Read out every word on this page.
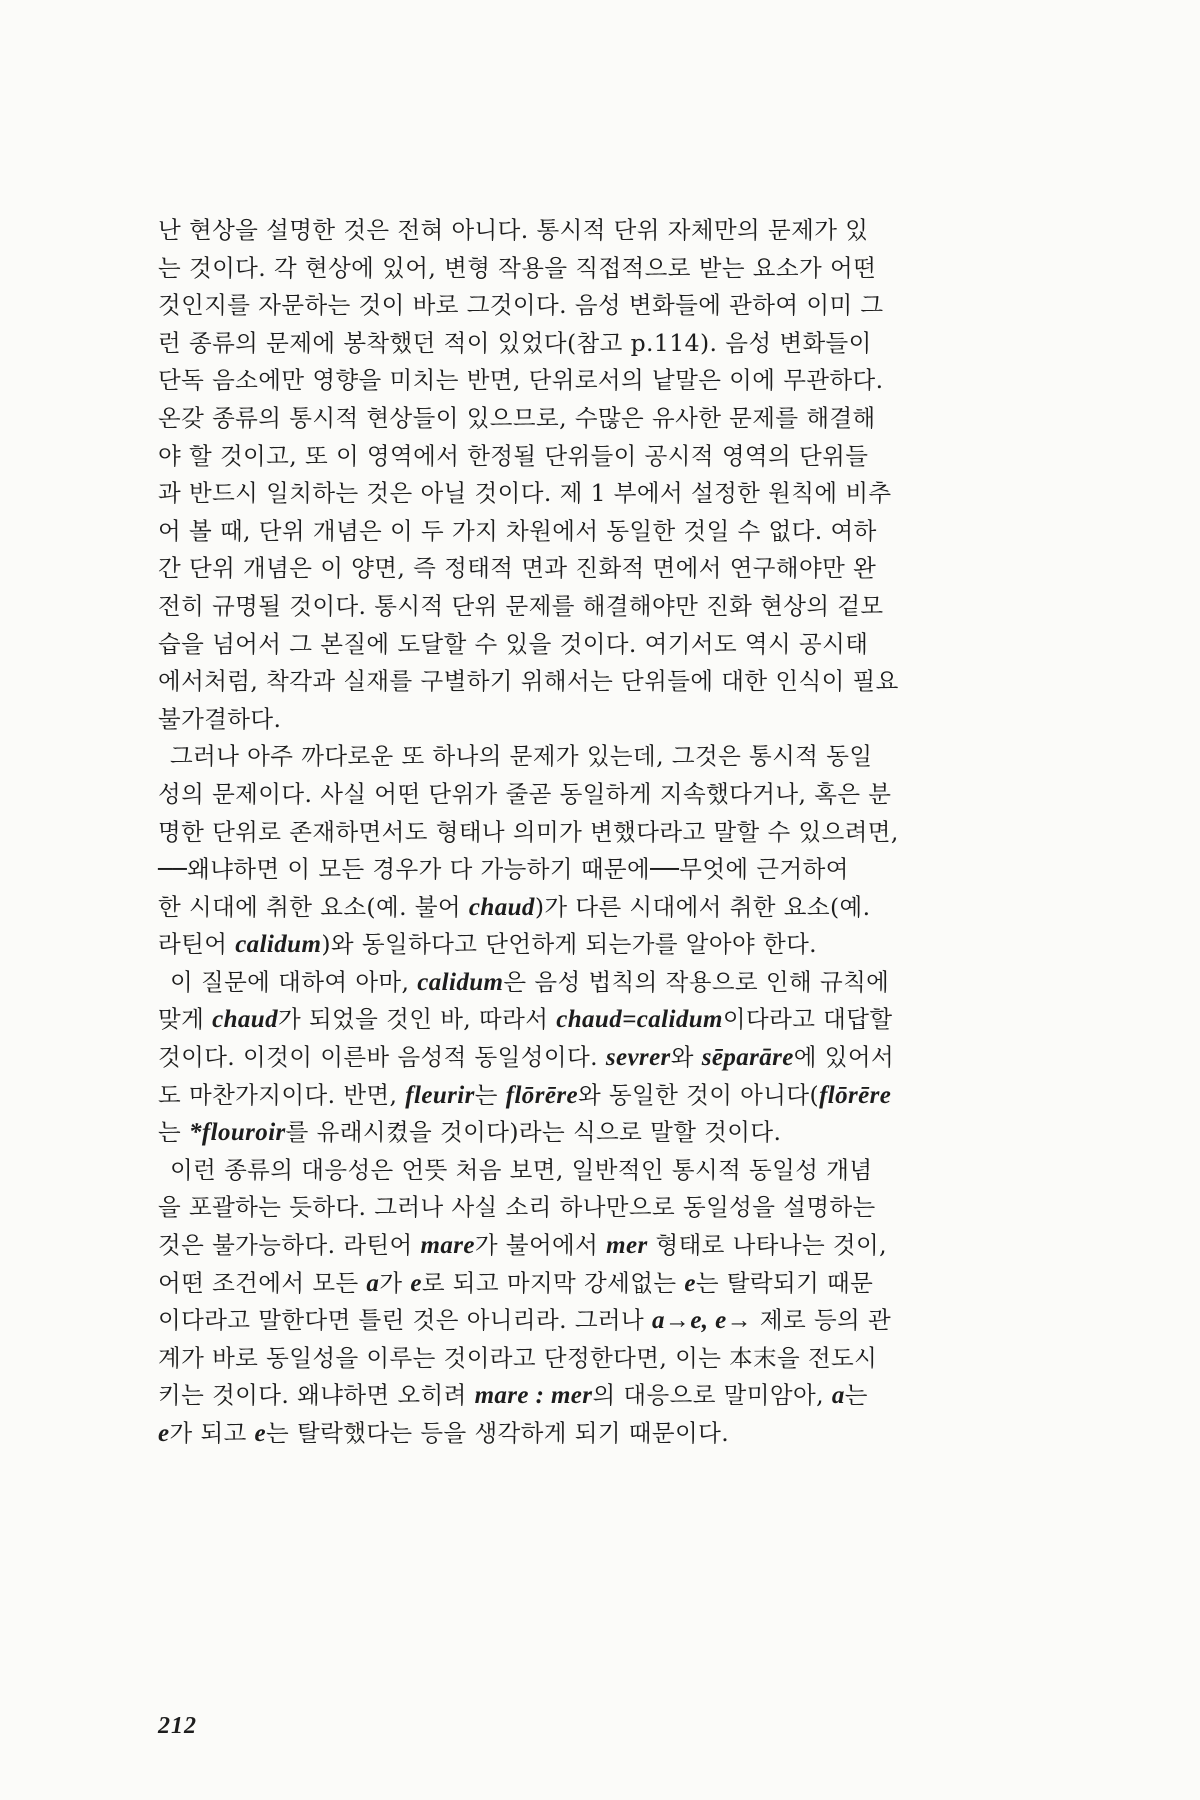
난 현상을 설명한 것은 전혀 아니다. 통시적 단위 자체만의 문제가 있
는 것이다. 각 현상에 있어, 변형 작용을 직접적으로 받는 요소가 어떤
것인지를 자문하는 것이 바로 그것이다. 음성 변화들에 관하여 이미 그
런 종류의 문제에 봉착했던 적이 있었다(참고 p.114). 음성 변화들이
단독 음소에만 영향을 미치는 반면, 단위로서의 낱말은 이에 무관하다.
온갖 종류의 통시적 현상들이 있으므로, 수많은 유사한 문제를 해결해
야 할 것이고, 또 이 영역에서 한정될 단위들이 공시적 영역의 단위들
과 반드시 일치하는 것은 아닐 것이다. 제 1 부에서 설정한 원칙에 비추
어 볼 때, 단위 개념은 이 두 가지 차원에서 동일한 것일 수 없다. 여하
간 단위 개념은 이 양면, 즉 정태적 면과 진화적 면에서 연구해야만 완
전히 규명될 것이다. 통시적 단위 문제를 해결해야만 진화 현상의 겉모
습을 넘어서 그 본질에 도달할 수 있을 것이다. 여기서도 역시 공시태
에서처럼, 착각과 실재를 구별하기 위해서는 단위들에 대한 인식이 필요
불가결하다.
그러나 아주 까다로운 또 하나의 문제가 있는데, 그것은 통시적 동일
성의 문제이다. 사실 어떤 단위가 줄곧 동일하게 지속했다거나, 혹은 분
명한 단위로 존재하면서도 형태나 의미가 변했다라고 말할 수 있으려면,
──왜냐하면 이 모든 경우가 다 가능하기 때문에──무엇에 근거하여
한 시대에 취한 요소(예. 불어 chaud)가 다른 시대에서 취한 요소(예.
라틴어 calidum)와 동일하다고 단언하게 되는가를 알아야 한다.
이 질문에 대하여 아마, calidum은 음성 법칙의 작용으로 인해 규칙에
맞게 chaud가 되었을 것인 바, 따라서 chaud=calidum이다라고 대답할
것이다. 이것이 이른바 음성적 동일성이다. sevrer와 sēparāre에 있어서
도 마찬가지이다. 반면, fleurir는 flōrēre와 동일한 것이 아니다(flōrēre
는 *flouroir를 유래시켰을 것이다)라는 식으로 말할 것이다.
이런 종류의 대응성은 언뜻 처음 보면, 일반적인 통시적 동일성 개념
을 포괄하는 듯하다. 그러나 사실 소리 하나만으로 동일성을 설명하는
것은 불가능하다. 라틴어 mare가 불어에서 mer 형태로 나타나는 것이,
어떤 조건에서 모든 a가 e로 되고 마지막 강세없는 e는 탈락되기 때문
이다라고 말한다면 틀린 것은 아니리라. 그러나 a→e, e→ 제로 등의 관
계가 바로 동일성을 이루는 것이라고 단정한다면, 이는 本末을 전도시
키는 것이다. 왜냐하면 오히려 mare : mer의 대응으로 말미암아, a는
e가 되고 e는 탈락했다는 등을 생각하게 되기 때문이다.
212
